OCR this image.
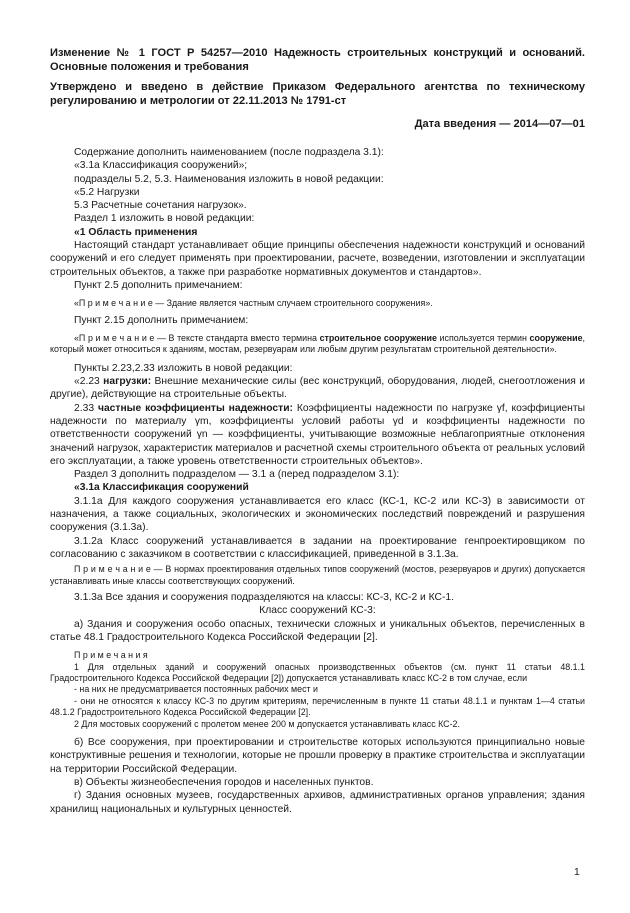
Изменение № 1 ГОСТ Р 54257—2010 Надежность строительных конструкций и оснований. Основные положения и требования

Утверждено и введено в действие Приказом Федерального агентства по техническому регулированию и метрологии от 22.11.2013 № 1791-ст

Дата введения — 2014—07—01

Содержание дополнить наименованием (после подраздела 3.1):

«3.1а Классификация сооружений»;

подразделы 5.2, 5.3. Наименования изложить в новой редакции:

«5.2 Нагрузки

5.3 Расчетные сочетания нагрузок».

Раздел 1 изложить в новой редакции:

«1 Область применения

Настоящий стандарт устанавливает общие принципы обеспечения надежности конструкций и оснований сооружений и его следует применять при проектировании, расчете, возведении, изготовлении и эксплуатации строительных объектов, а также при разработке нормативных документов и стандартов».

Пункт 2.5 дополнить примечанием:

«П р и м е ч а н и е — Здание является частным случаем строительного сооружения».

Пункт 2.15 дополнить примечанием:

«П р и м е ч а н и е — В тексте стандарта вместо термина строительное сооружение используется термин сооружение, который может относиться к зданиям, мостам, резервуарам или любым другим результатам строительной деятельности».

Пункты 2.23,2.33 изложить в новой редакции:

«2.23 нагрузки: Внешние механические силы (вес конструкций, оборудования, людей, снегоотложения и другие), действующие на строительные объекты.

2.33 частные коэффициенты надежности: Коэффициенты надежности по нагрузке γf, коэффициенты надежности по материалу γm, коэффициенты условий работы γd и коэффициенты надежности по ответственности сооружений γn — коэффициенты, учитывающие возможные неблагоприятные отклонения значений нагрузок, характеристик материалов и расчетной схемы строительного объекта от реальных условий его эксплуатации, а также уровень ответственности строительных объектов».

Раздел 3 дополнить подразделом — 3.1 а (перед подразделом 3.1):

«3.1а Классификация сооружений

3.1.1а Для каждого сооружения устанавливается его класс (КС-1, КС-2 или КС-3) в зависимости от назначения, а также социальных, экологических и экономических последствий повреждений и разрушения сооружения (3.1.3а).

3.1.2а Класс сооружений устанавливается в задании на проектирование генпроектировщиком по согласованию с заказчиком в соответствии с классификацией, приведенной в 3.1.3а.

П р и м е ч а н и е — В нормах проектирования отдельных типов сооружений (мостов, резервуаров и других) допускается устанавливать иные классы соответствующих сооружений.

3.1.3а Все здания и сооружения подразделяются на классы: КС-3, КС-2 и КС-1.

Класс сооружений КС-3:

а) Здания и сооружения особо опасных, технически сложных и уникальных объектов, перечисленных в статье 48.1 Градостроительного Кодекса Российской Федерации [2].

П р и м е ч а н и я

1 Для отдельных зданий и сооружений опасных производственных объектов (см. пункт 11 статьи 48.1.1 Градостроительного Кодекса Российской Федерации [2]) допускается устанавливать класс КС-2 в том случае, если

- на них не предусматривается постоянных рабочих мест и

- они не относятся к классу КС-3 по другим критериям, перечисленным в пункте 11 статьи 48.1.1 и пунктам 1—4 статьи 48.1.2 Градостроительного Кодекса Российской Федерации [2].

2 Для мостовых сооружений с пролетом менее 200 м допускается устанавливать класс КС-2.

б) Все сооружения, при проектировании и строительстве которых используются принципиально новые конструктивные решения и технологии, которые не прошли проверку в практике строительства и эксплуатации на территории Российской Федерации.

в) Объекты жизнеобеспечения городов и населенных пунктов.

г) Здания основных музеев, государственных архивов, административных органов управления; здания хранилищ национальных и культурных ценностей.

1
